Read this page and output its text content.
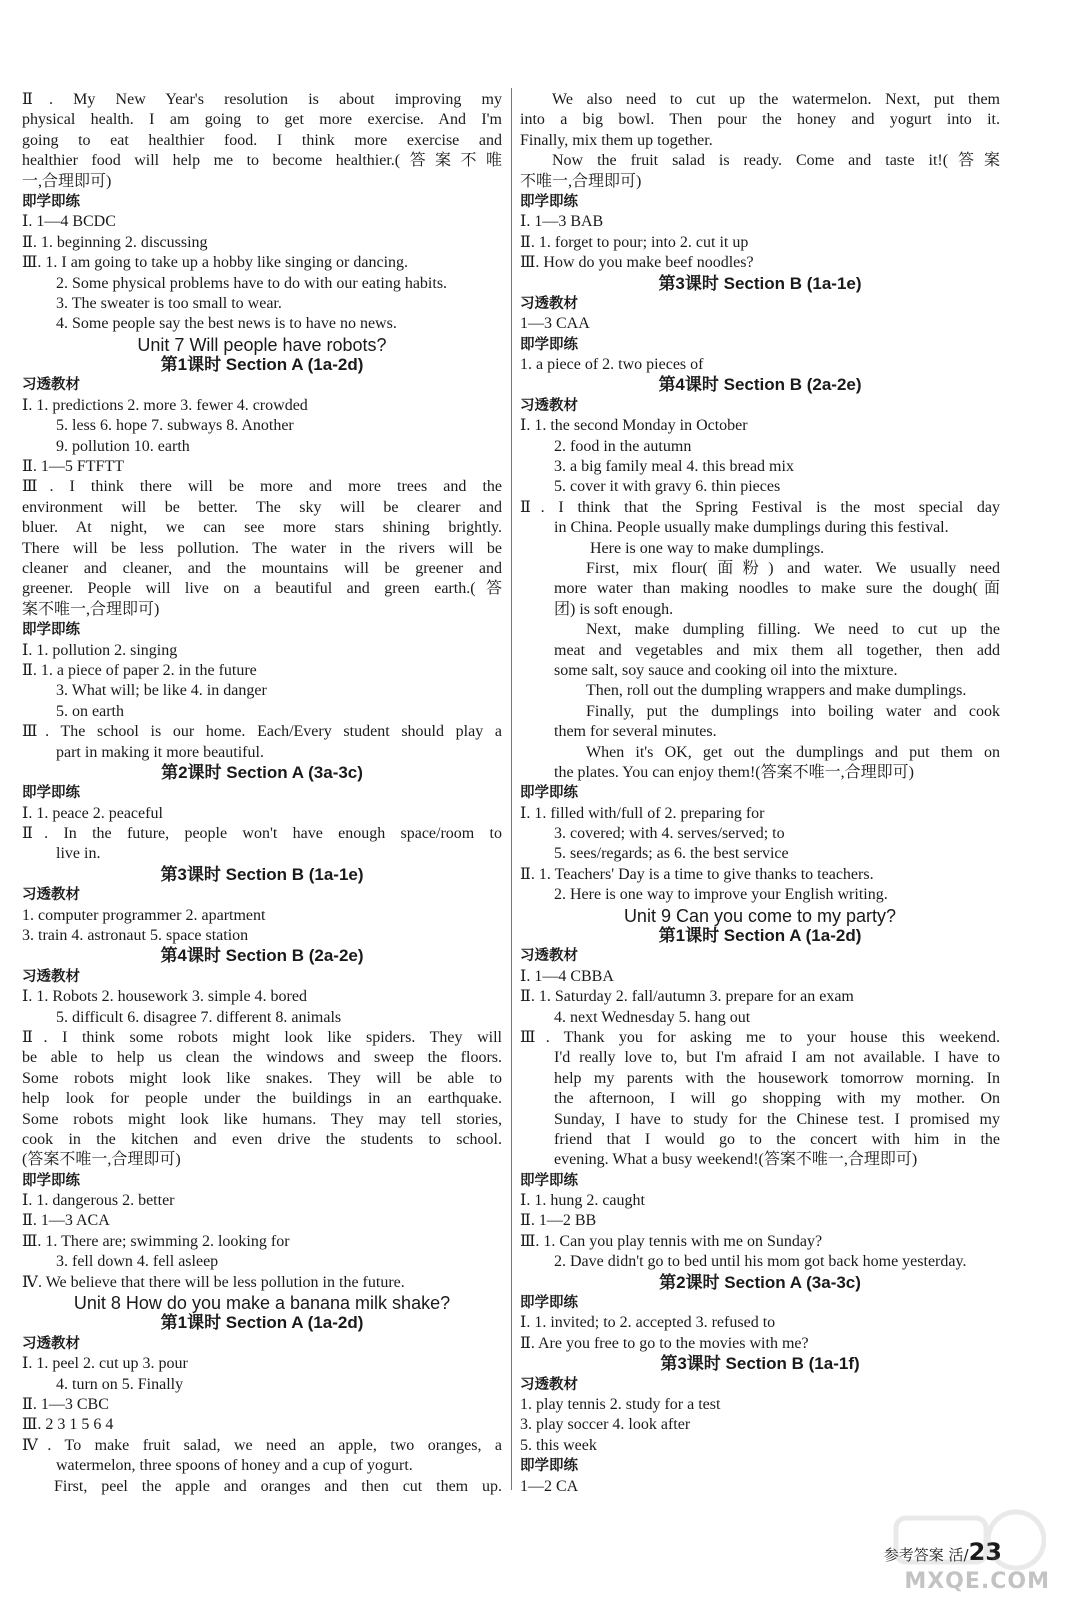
Ⅱ. My New Year's resolution is about improving my
physical health. I am going to get more exercise. And I'm
going to eat healthier food. I think more exercise and
healthier food will help me to become healthier.(答案不唯
一,合理即可)
即学即练
Ⅰ. 1—4 BCDC
Ⅱ. 1. beginning 2. discussing
Ⅲ. 1. I am going to take up a hobby like singing or dancing.
2. Some physical problems have to do with our eating habits.
3. The sweater is too small to wear.
4. Some people say the best news is to have no news.
Unit 7 Will people have robots?
第1课时 Section A (1a-2d)
习透教材
Ⅰ. 1. predictions 2. more 3. fewer 4. crowded
5. less 6. hope 7. subways 8. Another
9. pollution 10. earth
Ⅱ. 1—5 FTFTT
Ⅲ. I think there will be more and more trees and the
environment will be better. The sky will be clearer and
bluer. At night, we can see more stars shining brightly.
There will be less pollution. The water in the rivers will be
cleaner and cleaner, and the mountains will be greener and
greener. People will live on a beautiful and green earth.(答
案不唯一,合理即可)
即学即练
Ⅰ. 1. pollution 2. singing
Ⅱ. 1. a piece of paper 2. in the future
3. What will; be like 4. in danger
5. on earth
Ⅲ. The school is our home. Each/Every student should play a
part in making it more beautiful.
第2课时 Section A (3a-3c)
即学即练
Ⅰ. 1. peace 2. peaceful
Ⅱ. In the future, people won't have enough space/room to
live in.
第3课时 Section B (1a-1e)
习透教材
1. computer programmer 2. apartment
3. train 4. astronaut 5. space station
第4课时 Section B (2a-2e)
习透教材
Ⅰ. 1. Robots 2. housework 3. simple 4. bored
5. difficult 6. disagree 7. different 8. animals
Ⅱ. I think some robots might look like spiders. They will
be able to help us clean the windows and sweep the floors.
Some robots might look like snakes. They will be able to
help look for people under the buildings in an earthquake.
Some robots might look like humans. They may tell stories,
cook in the kitchen and even drive the students to school.
(答案不唯一,合理即可)
即学即练
Ⅰ. 1. dangerous 2. better
Ⅱ. 1—3 ACA
Ⅲ. 1. There are; swimming 2. looking for
3. fell down 4. fell asleep
Ⅳ. We believe that there will be less pollution in the future.
Unit 8 How do you make a banana milk shake?
第1课时 Section A (1a-2d)
习透教材
Ⅰ. 1. peel 2. cut up 3. pour
4. turn on 5. Finally
Ⅱ. 1—3 CBC
Ⅲ. 2 3 1 5 6 4
Ⅳ. To make fruit salad, we need an apple, two oranges, a
watermelon, three spoons of honey and a cup of yogurt.
First, peel the apple and oranges and then cut them up.
We also need to cut up the watermelon. Next, put them
into a big bowl. Then pour the honey and yogurt into it.
Finally, mix them up together.
Now the fruit salad is ready. Come and taste it!(答案
不唯一,合理即可)
即学即练
Ⅰ. 1—3 BAB
Ⅱ. 1. forget to pour; into 2. cut it up
Ⅲ. How do you make beef noodles?
第3课时 Section B (1a-1e)
习透教材
1—3 CAA
即学即练
1. a piece of 2. two pieces of
第4课时 Section B (2a-2e)
习透教材
Ⅰ. 1. the second Monday in October
2. food in the autumn
3. a big family meal 4. this bread mix
5. cover it with gravy 6. thin pieces
Ⅱ. I think that the Spring Festival is the most special day
in China. People usually make dumplings during this festival.
Here is one way to make dumplings.
First, mix flour(面粉) and water. We usually need
more water than making noodles to make sure the dough(面
团) is soft enough.
Next, make dumpling filling. We need to cut up the
meat and vegetables and mix them all together, then add
some salt, soy sauce and cooking oil into the mixture.
Then, roll out the dumpling wrappers and make dumplings.
Finally, put the dumplings into boiling water and cook
them for several minutes.
When it's OK, get out the dumplings and put them on
the plates. You can enjoy them!(答案不唯一,合理即可)
即学即练
Ⅰ. 1. filled with/full of 2. preparing for
3. covered; with 4. serves/served; to
5. sees/regards; as 6. the best service
Ⅱ. 1. Teachers' Day is a time to give thanks to teachers.
2. Here is one way to improve your English writing.
Unit 9 Can you come to my party?
第1课时 Section A (1a-2d)
习透教材
Ⅰ. 1—4 CBBA
Ⅱ. 1. Saturday 2. fall/autumn 3. prepare for an exam
4. next Wednesday 5. hang out
Ⅲ. Thank you for asking me to your house this weekend.
I'd really love to, but I'm afraid I am not available. I have to
help my parents with the housework tomorrow morning. In
the afternoon, I will go shopping with my mother. On
Sunday, I have to study for the Chinese test. I promised my
friend that I would go to the concert with him in the
evening. What a busy weekend!(答案不唯一,合理即可)
即学即练
Ⅰ. 1. hung 2. caught
Ⅱ. 1—2 BB
Ⅲ. 1. Can you play tennis with me on Sunday?
2. Dave didn't go to bed until his mom got back home yesterday.
第2课时 Section A (3a-3c)
即学即练
Ⅰ. 1. invited; to 2. accepted 3. refused to
Ⅱ. Are you free to go to the movies with me?
第3课时 Section B (1a-1f)
习透教材
1. play tennis 2. study for a test
3. play soccer 4. look after
5. this week
即学即练
1—2 CA
参考答案 活/23
MXQE.COM
